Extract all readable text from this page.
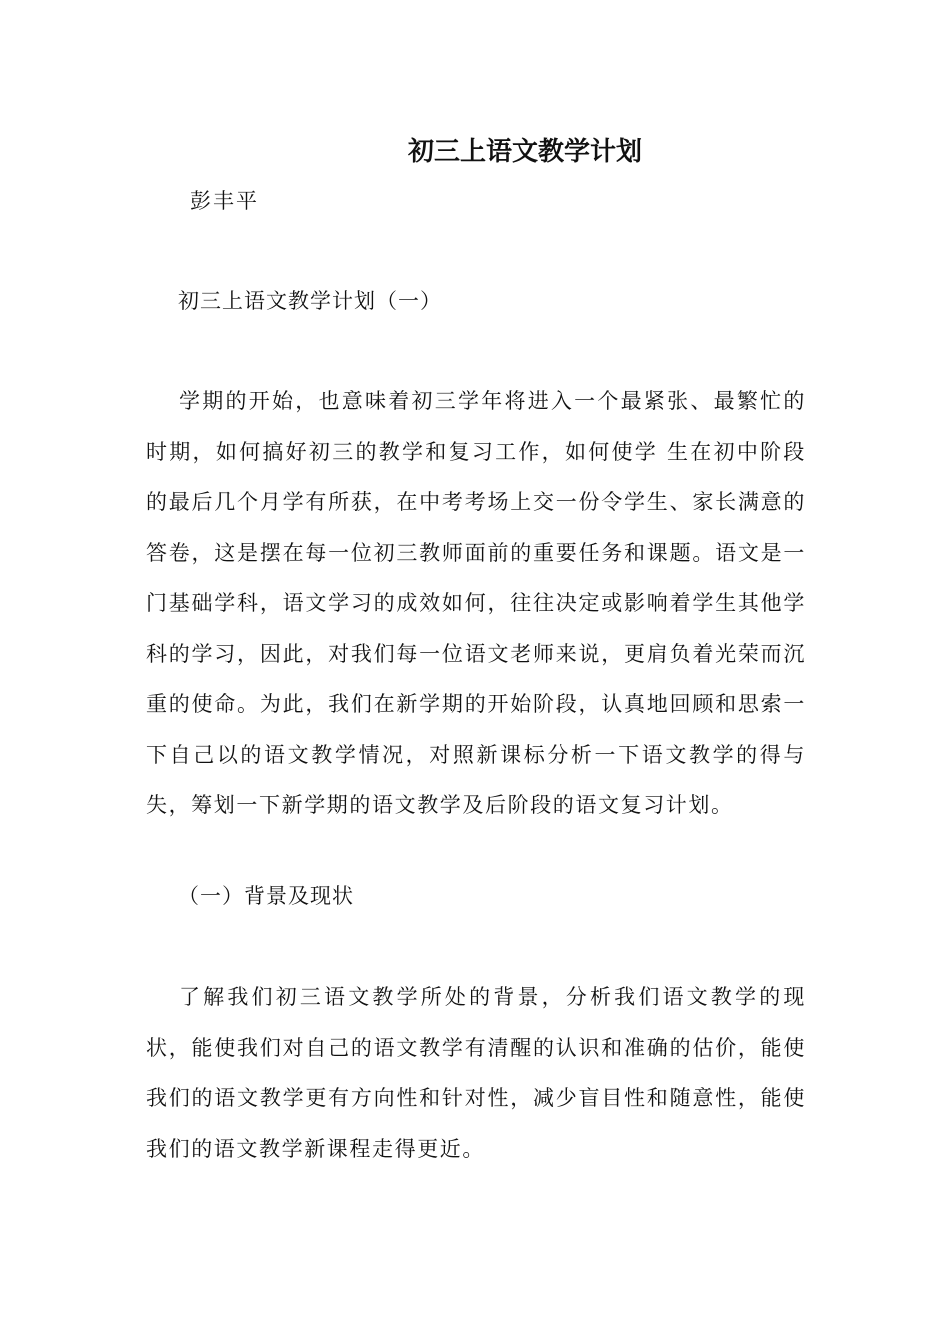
初三上语文教学计划
彭丰平
初三上语文教学计划（一）

学期的开始，也意味着初三学年将进入一个最紧张、最繁忙的时期，如何搞好初三的教学和复习工作，如何使学 生在初中阶段的最后几个月学有所获，在中考考场上交一份令学生、家长满意的答卷，这是摆在每一位初三教师面前的重要任务和课题。语文是一门基础学科，语文学习的成效如何，往往决定或影响着学生其他学科的学习，因此，对我们每一位语文老师来说，更肩负着光荣而沉重的使命。为此，我们在新学期的开始阶段，认真地回顾和思索一下自己以的语文教学情况，对照新课标分析一下语文教学的得与失，筹划一下新学期的语文教学及后阶段的语文复习计划。

（一）背景及现状

了解我们初三语文教学所处的背景，分析我们语文教学的现状，能使我们对自己的语文教学有清醒的认识和准确的估价，能使我们的语文教学更有方向性和针对性，减少盲目性和随意性，能使我们的语文教学新课程走得更近。
